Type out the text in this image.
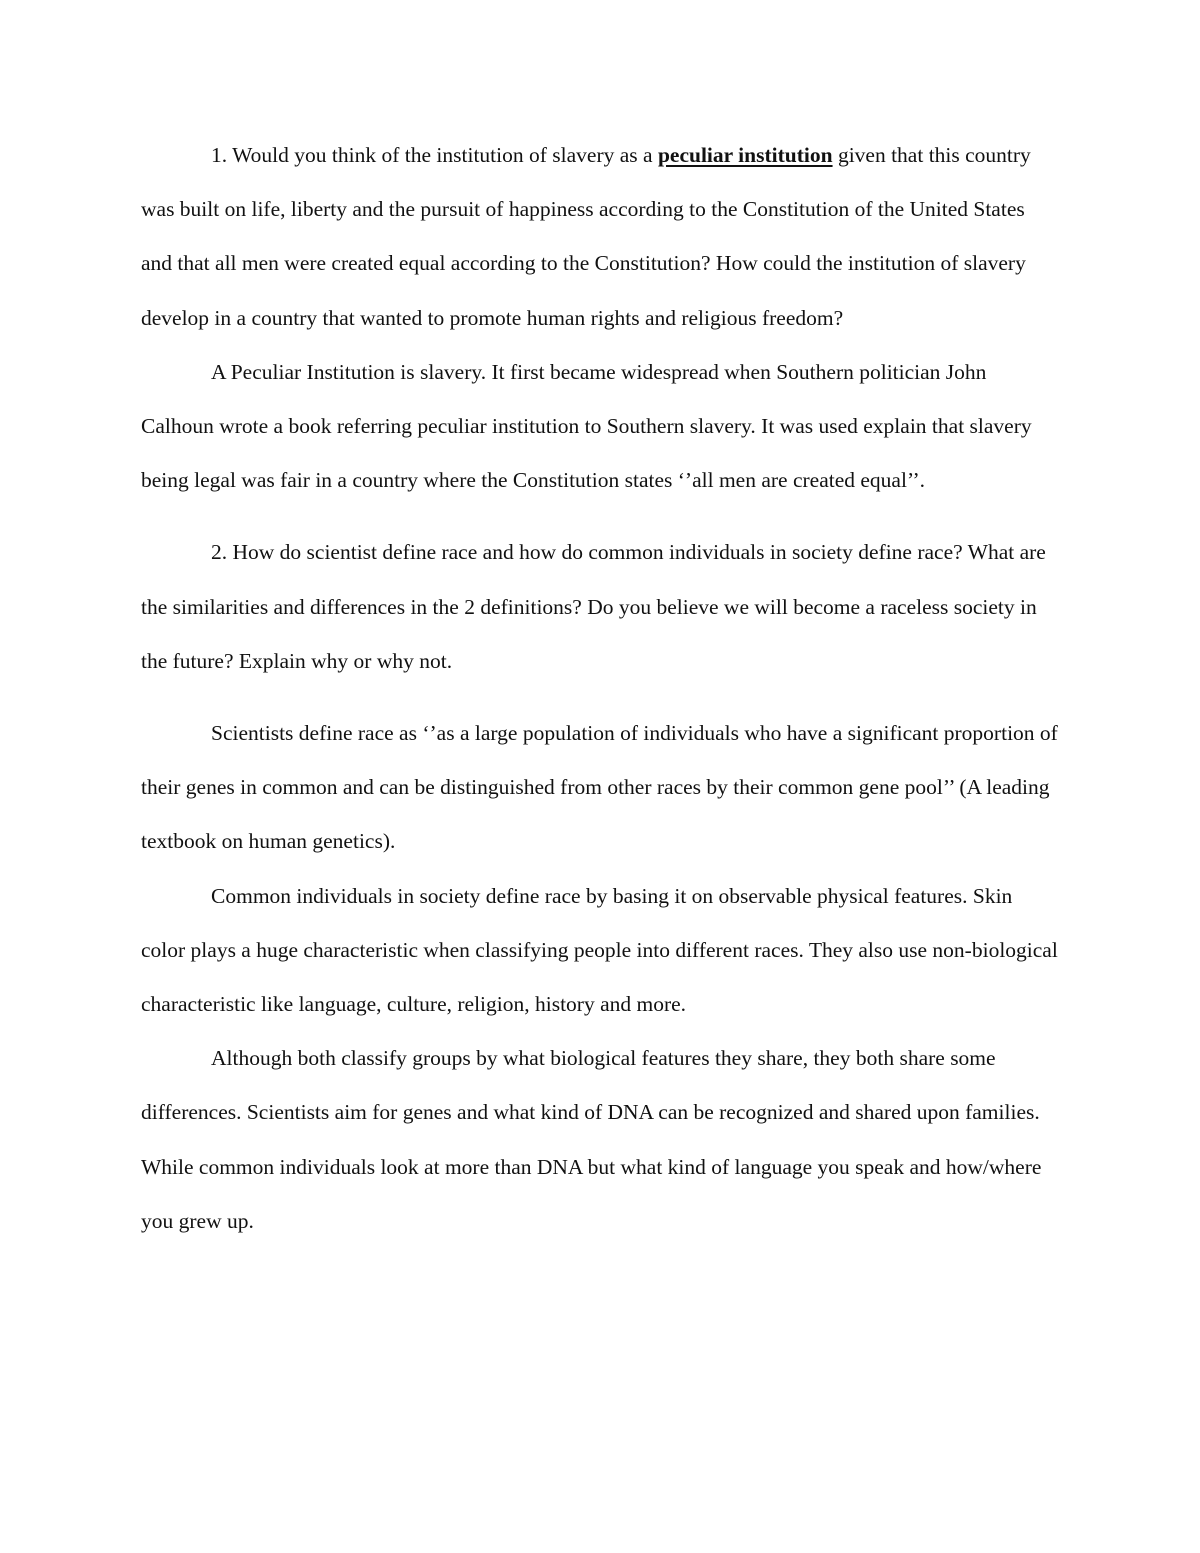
1. Would you think of the institution of slavery as a peculiar institution given that this country was built on life, liberty and the pursuit of happiness according to the Constitution of the United States and that all men were created equal according to the Constitution? How could the institution of slavery develop in a country that wanted to promote human rights and religious freedom?

A Peculiar Institution is slavery. It first became widespread when Southern politician John Calhoun wrote a book referring peculiar institution to Southern slavery. It was used explain that slavery being legal was fair in a country where the Constitution states ‘’all men are created equal’’.

2. How do scientist define race and how do common individuals in society define race? What are the similarities and differences in the 2 definitions? Do you believe we will become a raceless society in the future? Explain why or why not.

Scientists define race as ‘’as a large population of individuals who have a significant proportion of their genes in common and can be distinguished from other races by their common gene pool’’ (A leading textbook on human genetics).

Common individuals in society define race by basing it on observable physical features. Skin color plays a huge characteristic when classifying people into different races. They also use non-biological characteristic like language, culture, religion, history and more.

Although both classify groups by what biological features they share, they both share some differences. Scientists aim for genes and what kind of DNA can be recognized and shared upon families. While common individuals look at more than DNA but what kind of language you speak and how/where you grew up.
